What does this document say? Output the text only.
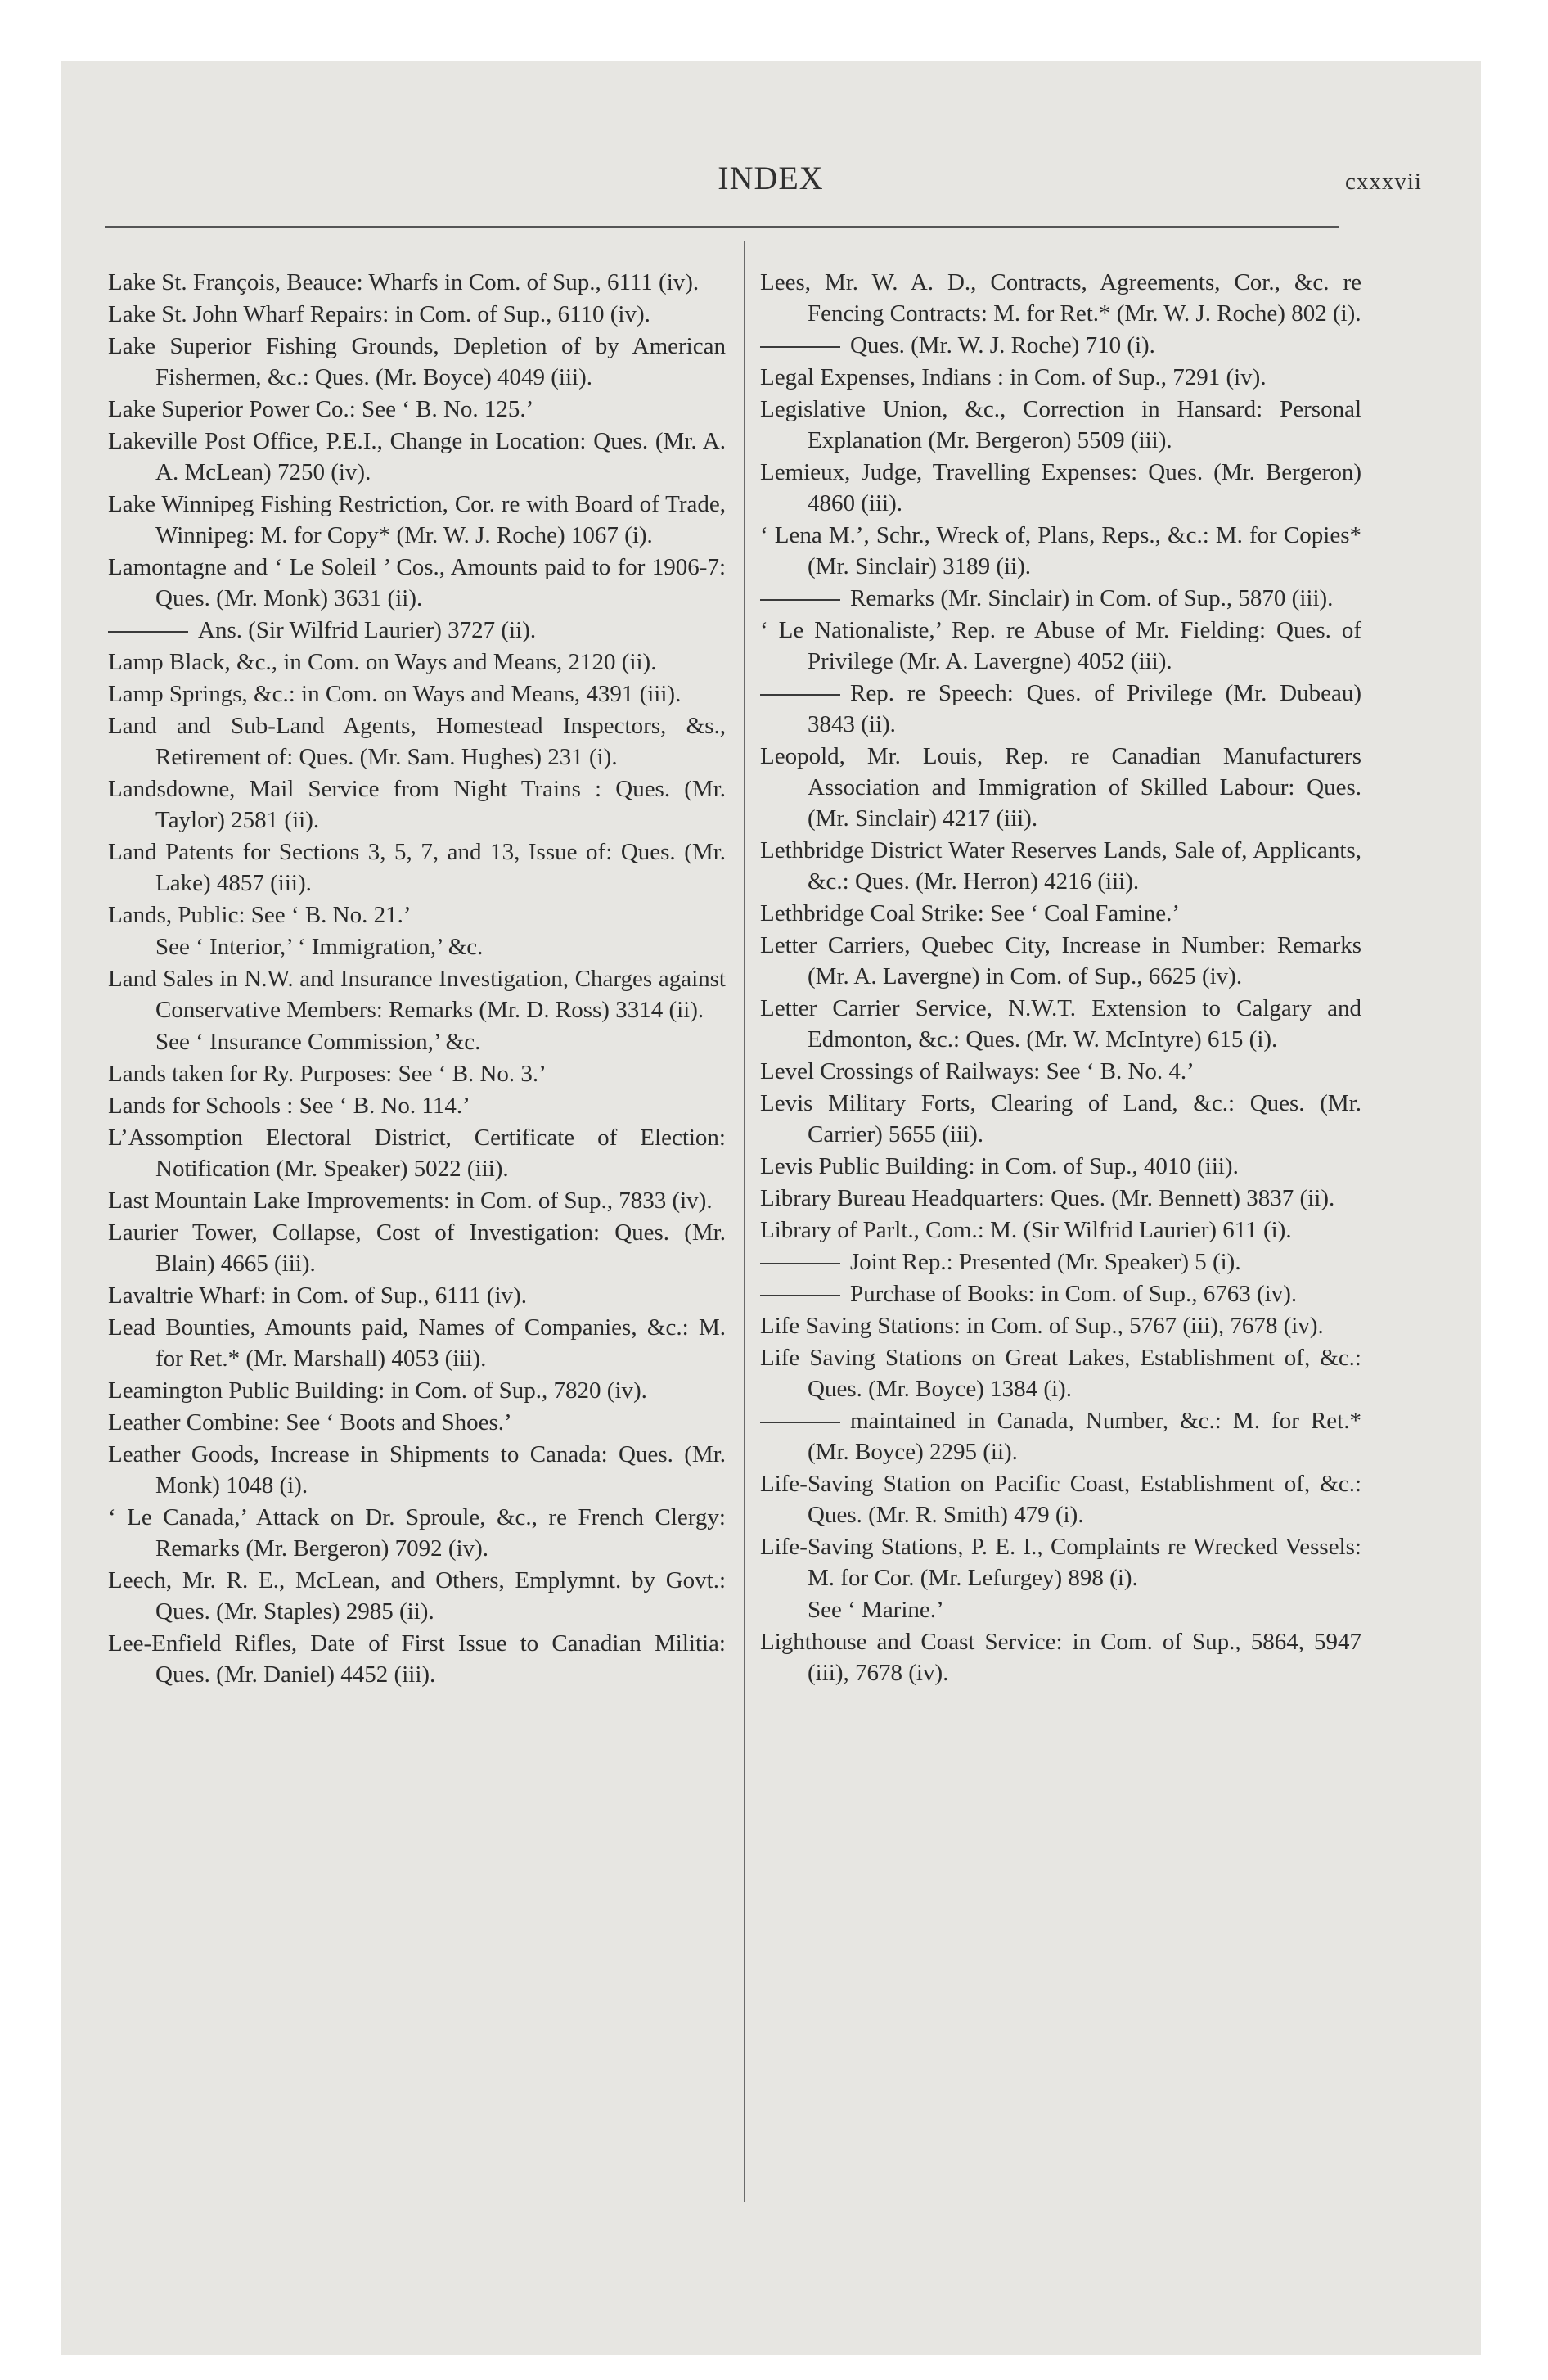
INDEX	cxxxvii

Lake St. François, Beauce: Wharfs in Com. of Sup., 6111 (iv).

Lake St. John Wharf Repairs: in Com. of Sup., 6110 (iv).

Lake Superior Fishing Grounds, Depletion of by American Fishermen, &c.: Ques. (Mr. Boyce) 4049 (iii).

Lake Superior Power Co.: See ‘ B. No. 125.’

Lakeville Post Office, P.E.I., Change in Location: Ques. (Mr. A. A. McLean) 7250 (iv).

Lake Winnipeg Fishing Restriction, Cor. re with Board of Trade, Winnipeg: M. for Copy* (Mr. W. J. Roche) 1067 (i).

Lamontagne and ‘ Le Soleil ’ Cos., Amounts paid to for 1906-7: Ques. (Mr. Monk) 3631 (ii).

Ans. (Sir Wilfrid Laurier) 3727 (ii).

Lamp Black, &c., in Com. on Ways and Means, 2120 (ii).

Lamp Springs, &c.: in Com. on Ways and Means, 4391 (iii).

Land and Sub-Land Agents, Homestead Inspectors, &s., Retirement of: Ques. (Mr. Sam. Hughes) 231 (i).

Landsdowne, Mail Service from Night Trains : Ques. (Mr. Taylor) 2581 (ii).

Land Patents for Sections 3, 5, 7, and 13, Issue of: Ques. (Mr. Lake) 4857 (iii).

Lands, Public: See ‘ B. No. 21.’

See ‘ Interior,’ ‘ Immigration,’ &c.

Land Sales in N.W. and Insurance Investigation, Charges against Conservative Members: Remarks (Mr. D. Ross) 3314 (ii).

See ‘ Insurance Commission,’ &c.

Lands taken for Ry. Purposes: See ‘ B. No. 3.’

Lands for Schools : See ‘ B. No. 114.’

L’Assomption Electoral District, Certificate of Election: Notification (Mr. Speaker) 5022 (iii).

Last Mountain Lake Improvements: in Com. of Sup., 7833 (iv).

Laurier Tower, Collapse, Cost of Investigation: Ques. (Mr. Blain) 4665 (iii).

Lavaltrie Wharf: in Com. of Sup., 6111 (iv).

Lead Bounties, Amounts paid, Names of Companies, &c.: M. for Ret.* (Mr. Marshall) 4053 (iii).

Leamington Public Building: in Com. of Sup., 7820 (iv).

Leather Combine: See ‘ Boots and Shoes.’

Leather Goods, Increase in Shipments to Canada: Ques. (Mr. Monk) 1048 (i).

‘ Le Canada,’ Attack on Dr. Sproule, &c., re French Clergy: Remarks (Mr. Bergeron) 7092 (iv).

Leech, Mr. R. E., McLean, and Others, Emplymnt. by Govt.: Ques. (Mr. Staples) 2985 (ii).

Lee-Enfield Rifles, Date of First Issue to Canadian Militia: Ques. (Mr. Daniel) 4452 (iii).

Lees, Mr. W. A. D., Contracts, Agreements, Cor., &c. re Fencing Contracts: M. for Ret.* (Mr. W. J. Roche) 802 (i).

Ques. (Mr. W. J. Roche) 710 (i).

Legal Expenses, Indians : in Com. of Sup., 7291 (iv).

Legislative Union, &c., Correction in Hansard: Personal Explanation (Mr. Bergeron) 5509 (iii).

Lemieux, Judge, Travelling Expenses: Ques. (Mr. Bergeron) 4860 (iii).

‘ Lena M.’, Schr., Wreck of, Plans, Reps., &c.: M. for Copies* (Mr. Sinclair) 3189 (ii).

Remarks (Mr. Sinclair) in Com. of Sup., 5870 (iii).

‘ Le Nationaliste,’ Rep. re Abuse of Mr. Fielding: Ques. of Privilege (Mr. A. Lavergne) 4052 (iii).

Rep. re Speech: Ques. of Privilege (Mr. Dubeau) 3843 (ii).

Leopold, Mr. Louis, Rep. re Canadian Manufacturers Association and Immigration of Skilled Labour: Ques. (Mr. Sinclair) 4217 (iii).

Lethbridge District Water Reserves Lands, Sale of, Applicants, &c.: Ques. (Mr. Herron) 4216 (iii).

Lethbridge Coal Strike: See ‘ Coal Famine.’

Letter Carriers, Quebec City, Increase in Number: Remarks (Mr. A. Lavergne) in Com. of Sup., 6625 (iv).

Letter Carrier Service, N.W.T. Extension to Calgary and Edmonton, &c.: Ques. (Mr. W. McIntyre) 615 (i).

Level Crossings of Railways: See ‘ B. No. 4.’

Levis Military Forts, Clearing of Land, &c.: Ques. (Mr. Carrier) 5655 (iii).

Levis Public Building: in Com. of Sup., 4010 (iii).

Library Bureau Headquarters: Ques. (Mr. Bennett) 3837 (ii).

Library of Parlt., Com.: M. (Sir Wilfrid Laurier) 611 (i).

Joint Rep.: Presented (Mr. Speaker) 5 (i).

Purchase of Books: in Com. of Sup., 6763 (iv).

Life Saving Stations: in Com. of Sup., 5767 (iii), 7678 (iv).

Life Saving Stations on Great Lakes, Establishment of, &c.: Ques. (Mr. Boyce) 1384 (i).

maintained in Canada, Number, &c.: M. for Ret.* (Mr. Boyce) 2295 (ii).

Life-Saving Station on Pacific Coast, Establishment of, &c.: Ques. (Mr. R. Smith) 479 (i).

Life-Saving Stations, P. E. I., Complaints re Wrecked Vessels: M. for Cor. (Mr. Lefurgey) 898 (i).

See ‘ Marine.’

Lighthouse and Coast Service: in Com. of Sup., 5864, 5947 (iii), 7678 (iv).
